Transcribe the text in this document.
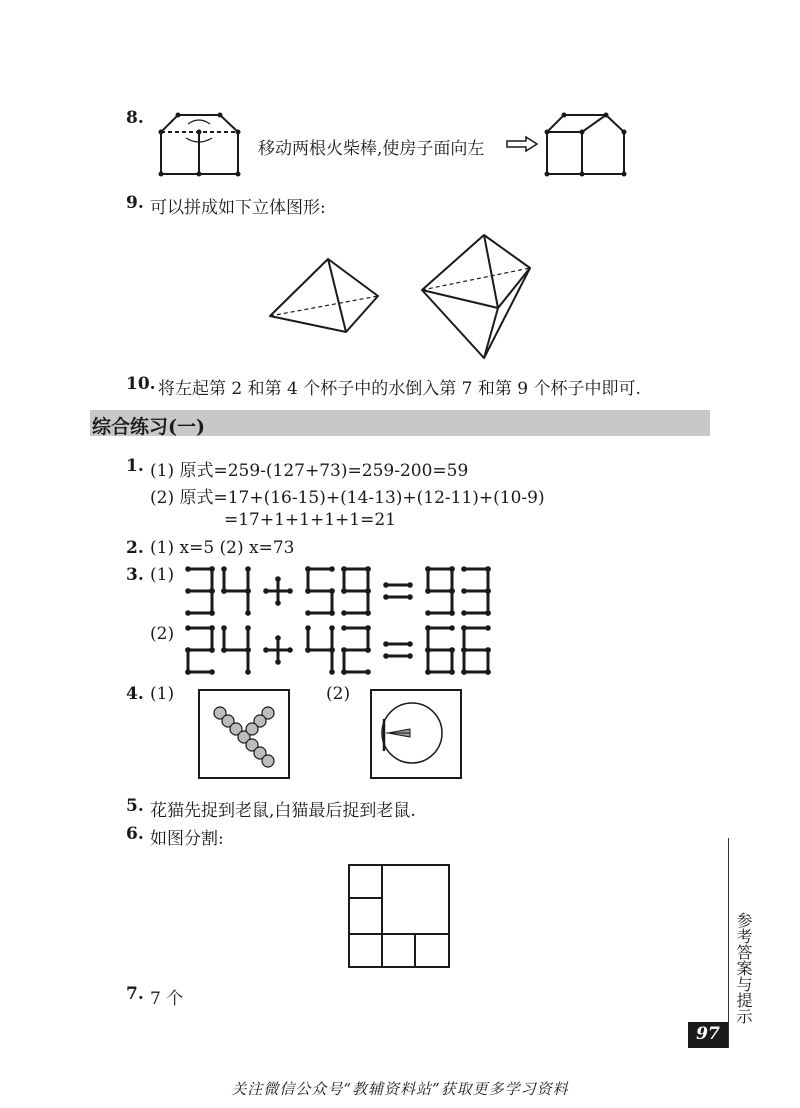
8.
移动两根火柴棒,使房子面向左
9. 可以拼成如下立体图形:
10. 将左起第 2 和第 4 个杯子中的水倒入第 7 和第 9 个杯子中即可.
综合练习(一)
1. (1) 原式=259-(127+73)=259-200=59
(2) 原式=17+(16-15)+(14-13)+(12-11)+(10-9)
=17+1+1+1+1=21
2. (1) x=5 (2) x=73
3. (1)
(2)
4. (1)	(2)
5. 花猫先捉到老鼠,白猫最后捉到老鼠.
6. 如图分割:
7. 7 个	参考答案与提示
97
关注微信公众号“教辅资料站”获取更多学习资料
